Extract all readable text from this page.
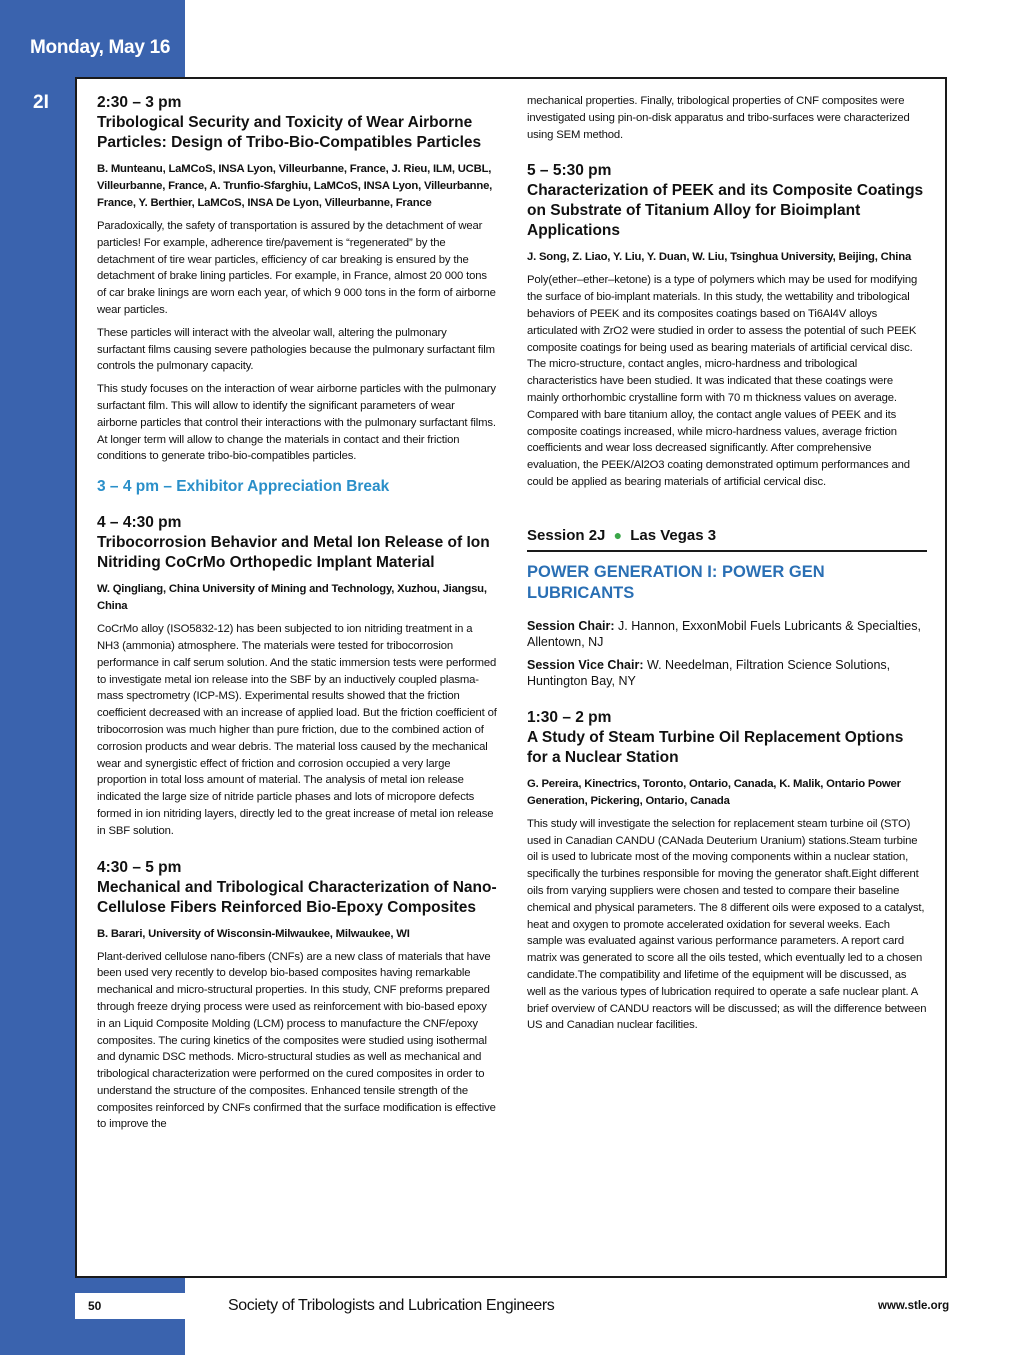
Monday, May 16
2I	2:30 – 3 pm

Tribological Security and Toxicity of Wear Airborne Particles: Design of Tribo-Bio-Compatibles Particles

B. Munteanu, LaMCoS, INSA Lyon, Villeurbanne, France, J. Rieu, ILM, UCBL, Villeurbanne, France, A. Trunfio-Sfarghiu, LaMCoS, INSA Lyon, Villeurbanne, France, Y. Berthier, LaMCoS, INSA De Lyon, Villeurbanne, France

Paradoxically, the safety of transportation is assured by the detachment of wear particles! For example, adherence tire/pavement is “regenerated” by the detachment of tire wear particles, efficiency of car breaking is ensured by the detachment of brake lining particles. For example, in France, almost 20 000 tons of car brake linings are worn each year, of which 9 000 tons in the form of airborne wear particles.

These particles will interact with the alveolar wall, altering the pulmonary surfactant films causing severe pathologies because the pulmonary surfactant film controls the pulmonary capacity.

This study focuses on the interaction of wear airborne particles with the pulmonary surfactant film. This will allow to identify the significant parameters of wear airborne particles that control their interactions with the pulmonary surfactant films. At longer term will allow to change the materials in contact and their friction conditions to generate tribo-bio-compatibles particles.

3 – 4 pm – Exhibitor Appreciation Break

4 – 4:30 pm

Tribocorrosion Behavior and Metal Ion Release of Ion Nitriding CoCrMo Orthopedic Implant Material

W. Qingliang, China University of Mining and Technology, Xuzhou, Jiangsu, China

CoCrMo alloy (ISO5832-12) has been subjected to ion nitriding treatment in a NH3 (ammonia) atmosphere. The materials were tested for tribocorrosion performance in calf serum solution. And the static immersion tests were performed to investigate metal ion release into the SBF by an inductively coupled plasma-mass spectrometry (ICP-MS). Experimental results showed that the friction coefficient decreased with an increase of applied load. But the friction coefficient of tribocorrosion was much higher than pure friction, due to the combined action of corrosion products and wear debris. The material loss caused by the mechanical wear and synergistic effect of friction and corrosion occupied a very large proportion in total loss amount of material. The analysis of metal ion release indicated the large size of nitride particle phases and lots of micropore defects formed in ion nitriding layers, directly led to the great increase of metal ion release in SBF solution.

4:30 – 5 pm

Mechanical and Tribological Characterization of Nano-Cellulose Fibers Reinforced Bio-Epoxy Composites

B. Barari, University of Wisconsin-Milwaukee, Milwaukee, WI

Plant-derived cellulose nano-fibers (CNFs) are a new class of materials that have been used very recently to develop bio-based composites having remarkable mechanical and micro-structural properties. In this study, CNF preforms prepared through freeze drying process were used as reinforcement with bio-based epoxy in an Liquid Composite Molding (LCM) process to manufacture the CNF/epoxy composites. The curing kinetics of the composites were studied using isothermal and dynamic DSC methods. Micro-structural studies as well as mechanical and tribological characterization were performed on the cured composites in order to understand the structure of the composites. Enhanced tensile strength of the composites reinforced by CNFs confirmed that the surface modification is effective to improve the

mechanical properties. Finally, tribological properties of CNF composites were investigated using pin-on-disk apparatus and tribo-surfaces were characterized using SEM method.

5 – 5:30 pm

Characterization of PEEK and its Composite Coatings on Substrate of Titanium Alloy for Bioimplant Applications

J. Song, Z. Liao, Y. Liu, Y. Duan, W. Liu, Tsinghua University, Beijing, China

Poly(ether–ether–ketone) is a type of polymers which may be used for modifying the surface of bio-implant materials. In this study, the wettability and tribological behaviors of PEEK and its composites coatings based on Ti6Al4V alloys articulated with ZrO2 were studied in order to assess the potential of such PEEK composite coatings for being used as bearing materials of artificial cervical disc. The micro-structure, contact angles, micro-hardness and tribological characteristics have been studied. It was indicated that these coatings were mainly orthorhombic crystalline form with 70 m thickness values on average. Compared with bare titanium alloy, the contact angle values of PEEK and its composite coatings increased, while micro-hardness values, average friction coefficients and wear loss decreased significantly. After comprehensive evaluation, the PEEK/Al2O3 coating demonstrated optimum performances and could be applied as bearing materials of artificial cervical disc.

Session 2J ● Las Vegas 3

POWER GENERATION I: POWER GEN LUBRICANTS

Session Chair: J. Hannon, ExxonMobil Fuels Lubricants & Specialties, Allentown, NJ

Session Vice Chair: W. Needelman, Filtration Science Solutions, Huntington Bay, NY

1:30 – 2 pm

A Study of Steam Turbine Oil Replacement Options for a Nuclear Station

G. Pereira, Kinectrics, Toronto, Ontario, Canada, K. Malik, Ontario Power Generation, Pickering, Ontario, Canada

This study will investigate the selection for replacement steam turbine oil (STO) used in Canadian CANDU (CANada Deuterium Uranium) stations.Steam turbine oil is used to lubricate most of the moving components within a nuclear station, specifically the turbines responsible for moving the generator shaft.Eight different oils from varying suppliers were chosen and tested to compare their baseline chemical and physical parameters. The 8 different oils were exposed to a catalyst, heat and oxygen to promote accelerated oxidation for several weeks. Each sample was evaluated against various performance parameters. A report card matrix was generated to score all the oils tested, which eventually led to a chosen candidate.The compatibility and lifetime of the equipment will be discussed, as well as the various types of lubrication required to operate a safe nuclear plant. A brief overview of CANDU reactors will be discussed; as will the difference between US and Canadian nuclear facilities.

50	Society of Tribologists and Lubrication Engineers	www.stle.org
